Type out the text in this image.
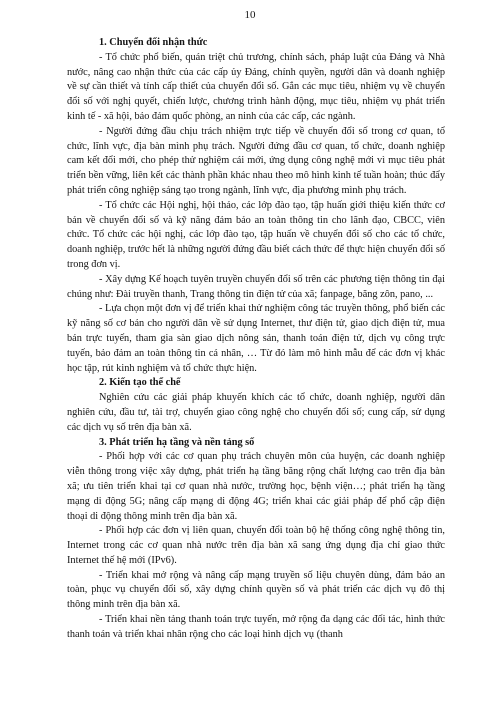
10

1. Chuyển đổi nhận thức

- Tổ chức phổ biến, quán triệt chủ trương, chính sách, pháp luật của Đảng và Nhà nước, nâng cao nhận thức của các cấp ủy Đảng, chính quyền, người dân và doanh nghiệp về sự cần thiết và tính cấp thiết của chuyển đổi số. Gắn các mục tiêu, nhiệm vụ về chuyển đổi số với nghị quyết, chiến lược, chương trình hành động, mục tiêu, nhiệm vụ phát triển kinh tế - xã hội, bảo đảm quốc phòng, an ninh của các cấp, các ngành.

- Người đứng đầu chịu trách nhiệm trực tiếp về chuyển đổi số trong cơ quan, tổ chức, lĩnh vực, địa bàn mình phụ trách. Người đứng đầu cơ quan, tổ chức, doanh nghiệp cam kết đổi mới, cho phép thử nghiệm cái mới, ứng dụng công nghệ mới vì mục tiêu phát triển bền vững, liên kết các thành phần khác nhau theo mô hình kinh tế tuần hoàn; thúc đẩy phát triển công nghiệp sáng tạo trong ngành, lĩnh vực, địa phương mình phụ trách.

- Tổ chức các Hội nghị, hội thảo, các lớp đào tạo, tập huấn giới thiệu kiến thức cơ bản về chuyển đổi số và kỹ năng đảm bảo an toàn thông tin cho lãnh đạo, CBCC, viên chức. Tổ chức các hội nghị, các lớp đào tạo, tập huấn về chuyển đổi số cho các tổ chức, doanh nghiệp, trước hết là những người đứng đầu biết cách thức để thực hiện chuyển đổi số trong đơn vị.

- Xây dựng Kế hoạch tuyên truyền chuyển đổi số trên các phương tiện thông tin đại chúng như: Đài truyền thanh, Trang thông tin điện tử của xã; fanpage, băng zôn, pano, ...

- Lựa chọn một đơn vị để triển khai thử nghiệm công tác truyền thông, phổ biến các kỹ năng số cơ bản cho người dân về sử dụng Internet, thư điện tử, giao dịch điện tử, mua bán trực tuyến, tham gia sàn giao dịch nông sản, thanh toán điện tử, dịch vụ công trực tuyến, bảo đảm an toàn thông tin cá nhân, … Từ đó làm mô hình mẫu để các đơn vị khác học tập, rút kinh nghiệm và tổ chức thực hiện.

2. Kiến tạo thể chế

Nghiên cứu các giải pháp khuyến khích các tổ chức, doanh nghiệp, người dân nghiên cứu, đầu tư, tài trợ, chuyển giao công nghệ cho chuyển đổi số; cung cấp, sử dụng các dịch vụ số trên địa bàn xã.

3. Phát triển hạ tầng và nền tảng số

- Phối hợp với các cơ quan phụ trách chuyên môn của huyện, các doanh nghiệp viễn thông trong việc xây dựng, phát triển hạ tầng băng rộng chất lượng cao trên địa bàn xã; ưu tiên triển khai tại cơ quan nhà nước, trường học, bệnh viện…; phát triển hạ tầng mạng di động 5G; nâng cấp mạng di động 4G; triển khai các giải pháp để phổ cập điện thoại di động thông minh trên địa bàn xã.

- Phối hợp các đơn vị liên quan, chuyển đổi toàn bộ hệ thống công nghệ thông tin, Internet trong các cơ quan nhà nước trên địa bàn xã sang ứng dụng địa chỉ giao thức Internet thế hệ mới (IPv6).

- Triển khai mở rộng và nâng cấp mạng truyền số liệu chuyên dùng, đảm bảo an toàn, phục vụ chuyển đổi số, xây dựng chính quyền số và phát triển các dịch vụ đô thị thông minh trên địa bàn xã.

- Triển khai nền tảng thanh toán trực tuyến, mở rộng đa dạng các đối tác, hình thức thanh toán và triển khai nhân rộng cho các loại hình dịch vụ (thanh
